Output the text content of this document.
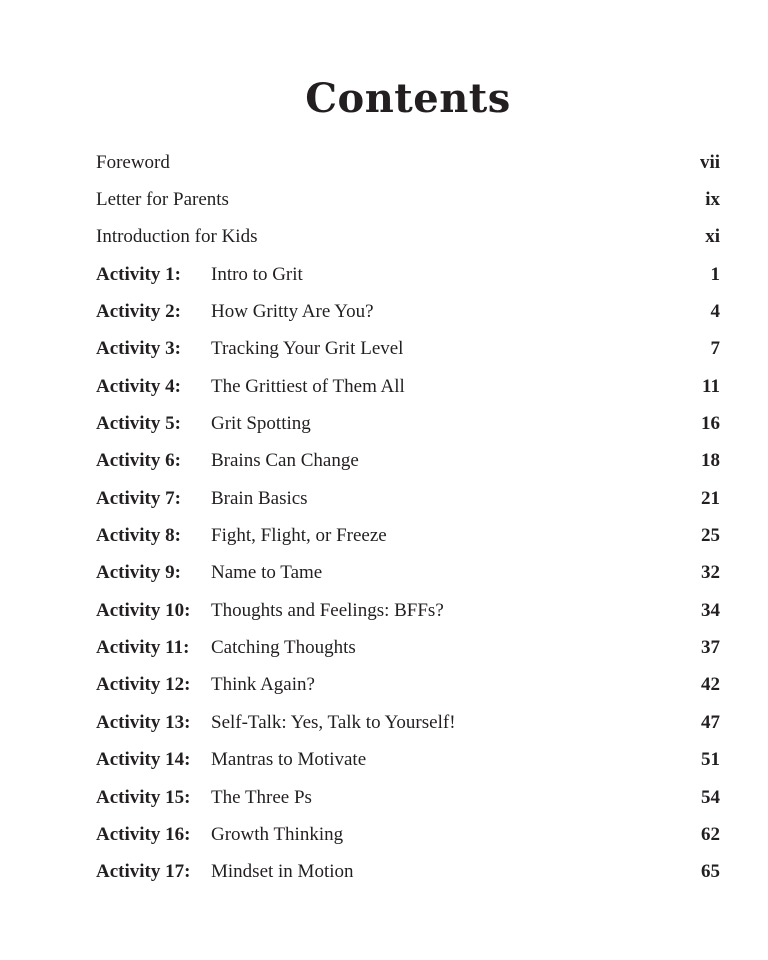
Contents
Foreword	vii
Letter for Parents	ix
Introduction for Kids	xi
Activity 1:	Intro to Grit	1
Activity 2:	How Gritty Are You?	4
Activity 3:	Tracking Your Grit Level	7
Activity 4:	The Grittiest of Them All	11
Activity 5:	Grit Spotting	16
Activity 6:	Brains Can Change	18
Activity 7:	Brain Basics	21
Activity 8:	Fight, Flight, or Freeze	25
Activity 9:	Name to Tame	32
Activity 10:	Thoughts and Feelings: BFFs?	34
Activity 11:	Catching Thoughts	37
Activity 12:	Think Again?	42
Activity 13:	Self-Talk: Yes, Talk to Yourself!	47
Activity 14:	Mantras to Motivate	51
Activity 15:	The Three Ps	54
Activity 16:	Growth Thinking	62
Activity 17:	Mindset in Motion	65
